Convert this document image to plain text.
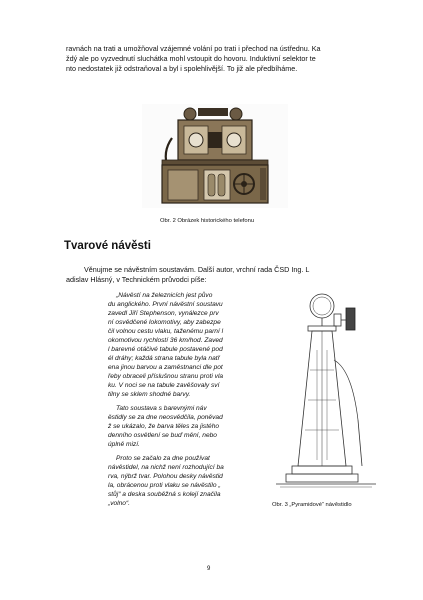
ravnách na trati a umožňoval vzájemné volání po trati i přechod na ústřednu. Ka
ždý ale po vyzvednutí sluchátka mohl vstoupit do hovoru. Induktivní selektor te
nto nedostatek již odstraňoval a byl i spolehlivější. To již ale předbíháme.
Obr. 2 Obrázek historického telefonu
Tvarové návěsti
Věnujme se návěstním soustavám. Další autor, vrchní rada ČSD Ing. L
adislav Hlásný, v Technickém průvodci píše:
„Návěstí na železnicích jest půvo
du anglického. První návěstní soustavu
zavedl Jiří Stephenson, vynálezce prv
ní osvědčené lokomotivy, aby zabezpe
čil volnou cestu vlaku, taženému parní l
okomotivou rychlostí 36 km/hod. Zaved
l barevné otáčivé tabule postavené pod
él dráhy; každá strana tabule byla natř
ena jinou barvou a zaměstnanci dle pot
řeby obraceli příslušnou stranu proti vla
ku. V noci se na tabule zavěšovaly sví
tilny se sklem shodné barvy.
Tato soustava s barevnými náv
ěstidly se za dne neosvědčila, poněvad
ž se ukázalo, že barva těles za jistého
denního osvětlení se buď mění, nebo
úplně mizí.
Proto se začalo za dne používat
návěstidel, na nichž není rozhodující ba
rva, nýbrž tvar. Polohou desky návěstid
la, obrácenou proti vlaku se návěstilo „
stůj“ a deska souběžná s kolejí značila
„volno“.	Obr. 3 „Pyramidové“ návěstidlo
9
